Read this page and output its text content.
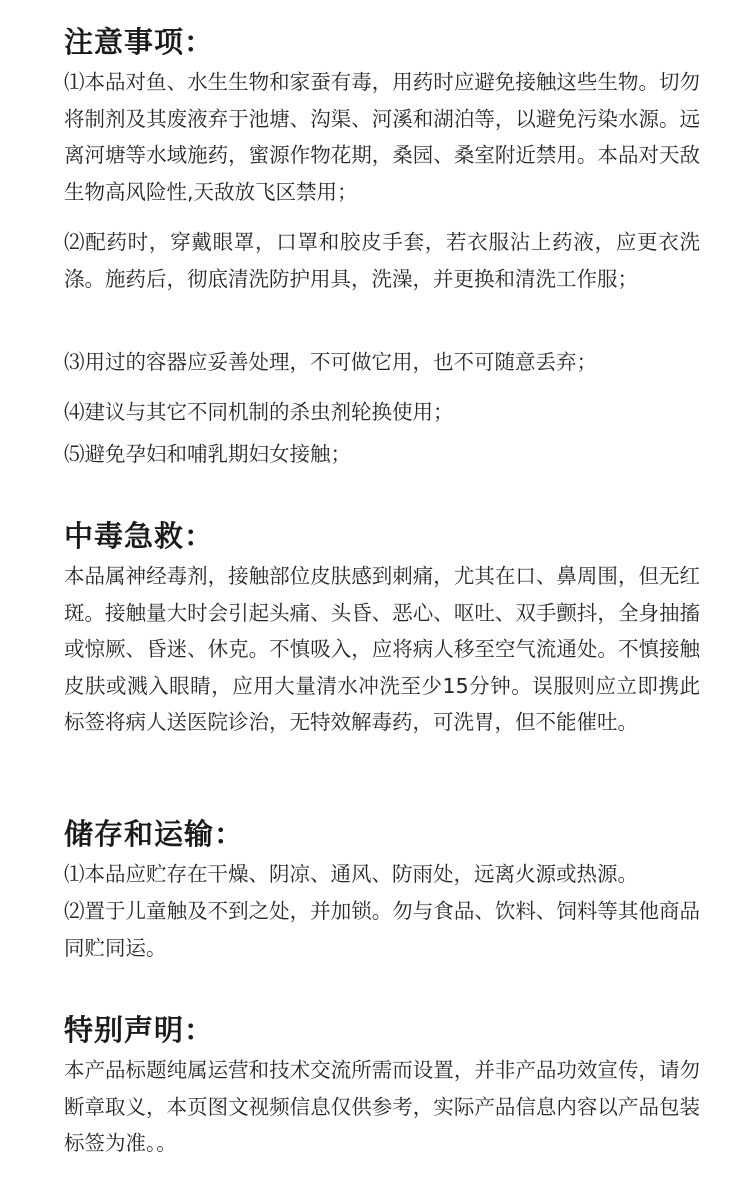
注意事项：
⑴本品对鱼、水生生物和家蚕有毒，用药时应避免接触这些生物。切勿将制剂及其废液弃于池塘、沟渠、河溪和湖泊等，以避免污染水源。远离河塘等水域施药，蜜源作物花期，桑园、桑室附近禁用。本品对天敌生物高风险性,天敌放飞区禁用；
⑵配药时，穿戴眼罩，口罩和胶皮手套，若衣服沾上药液，应更衣洗涤。施药后，彻底清洗防护用具，洗澡，并更换和清洗工作服；
⑶用过的容器应妥善处理，不可做它用，也不可随意丢弃；
⑷建议与其它不同机制的杀虫剂轮换使用；
⑸避免孕妇和哺乳期妇女接触；
中毒急救：
本品属神经毒剂，接触部位皮肤感到刺痛，尤其在口、鼻周围，但无红斑。接触量大时会引起头痛、头昏、恶心、呕吐、双手颤抖，全身抽搐或惊厥、昏迷、休克。不慎吸入，应将病人移至空气流通处。不慎接触皮肤或溅入眼睛，应用大量清水冲洗至少15分钟。误服则应立即携此标签将病人送医院诊治，无特效解毒药，可洗胃，但不能催吐。
储存和运输：
⑴本品应贮存在干燥、阴凉、通风、防雨处，远离火源或热源。
⑵置于儿童触及不到之处，并加锁。勿与食品、饮料、饲料等其他商品同贮同运。
特别声明：
本产品标题纯属运营和技术交流所需而设置，并非产品功效宣传，请勿断章取义，本页图文视频信息仅供参考，实际产品信息内容以产品包装标签为准。。
